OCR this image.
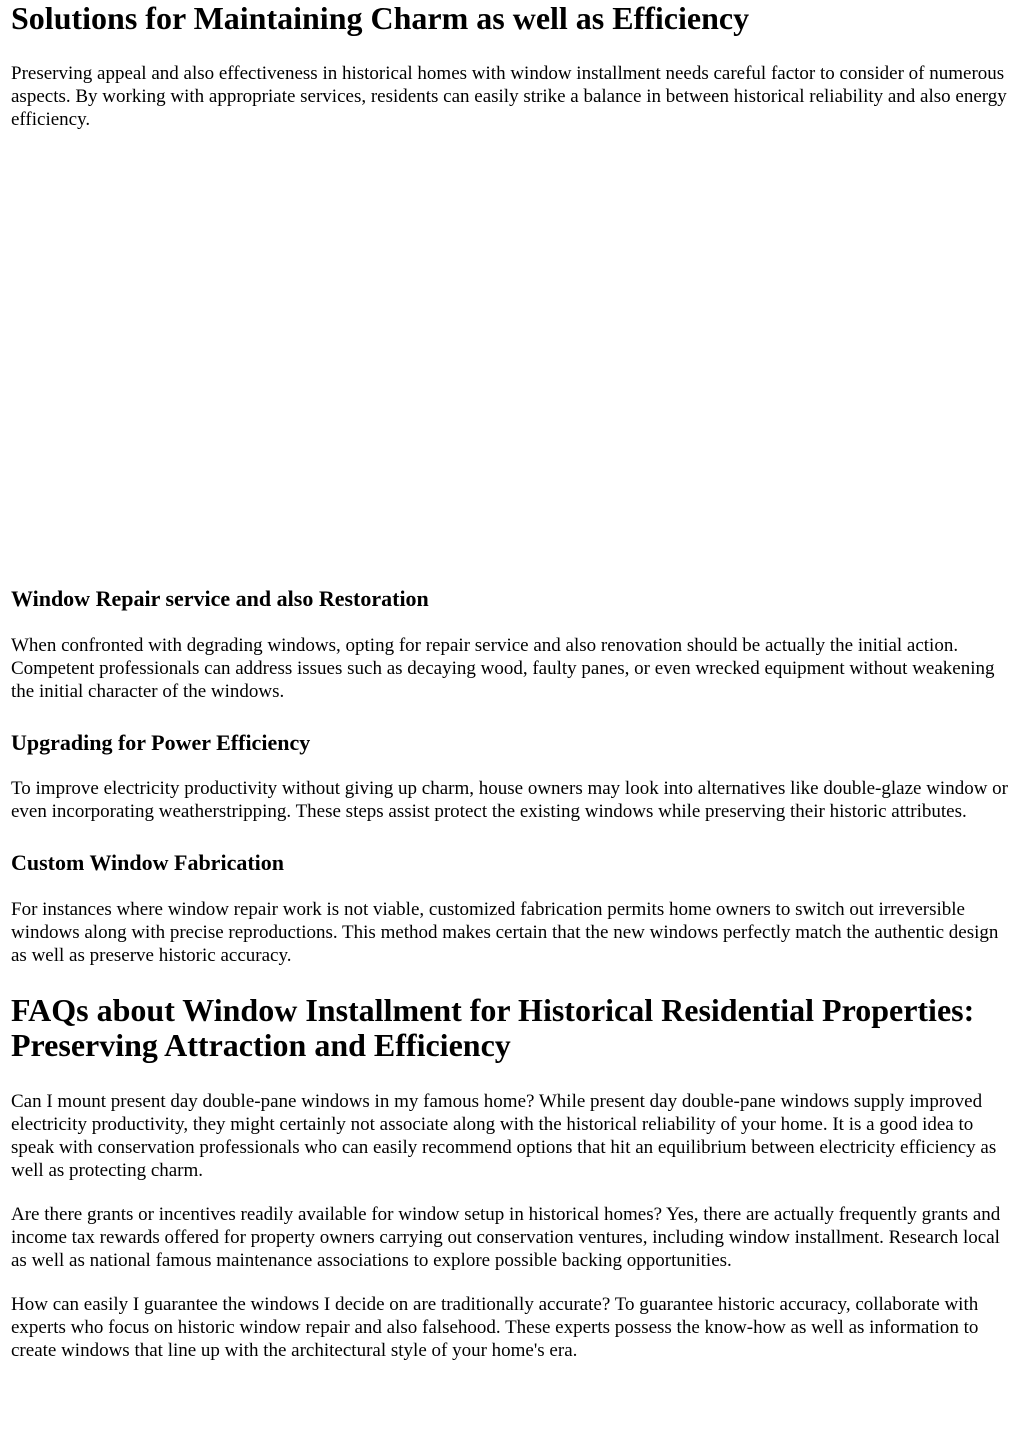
Solutions for Maintaining Charm as well as Efficiency

Preserving appeal and also effectiveness in historical homes with window installment needs careful factor to consider of numerous aspects. By working with appropriate services, residents can easily strike a balance in between historical reliability and also energy efficiency.

Window Repair service and also Restoration

When confronted with degrading windows, opting for repair service and also renovation should be actually the initial action. Competent professionals can address issues such as decaying wood, faulty panes, or even wrecked equipment without weakening the initial character of the windows.

Upgrading for Power Efficiency

To improve electricity productivity without giving up charm, house owners may look into alternatives like double-glaze window or even incorporating weatherstripping. These steps assist protect the existing windows while preserving their historic attributes.

Custom Window Fabrication

For instances where window repair work is not viable, customized fabrication permits home owners to switch out irreversible windows along with precise reproductions. This method makes certain that the new windows perfectly match the authentic design as well as preserve historic accuracy.

FAQs about Window Installment for Historical Residential Properties: Preserving Attraction and Efficiency

Can I mount present day double-pane windows in my famous home? While present day double-pane windows supply improved electricity productivity, they might certainly not associate along with the historical reliability of your home. It is a good idea to speak with conservation professionals who can easily recommend options that hit an equilibrium between electricity efficiency as well as protecting charm.

Are there grants or incentives readily available for window setup in historical homes? Yes, there are actually frequently grants and income tax rewards offered for property owners carrying out conservation ventures, including window installment. Research local as well as national famous maintenance associations to explore possible backing opportunities.

How can easily I guarantee the windows I decide on are traditionally accurate? To guarantee historic accuracy, collaborate with experts who focus on historic window repair and also falsehood. These experts possess the know-how as well as information to create windows that line up with the architectural style of your home's era.
